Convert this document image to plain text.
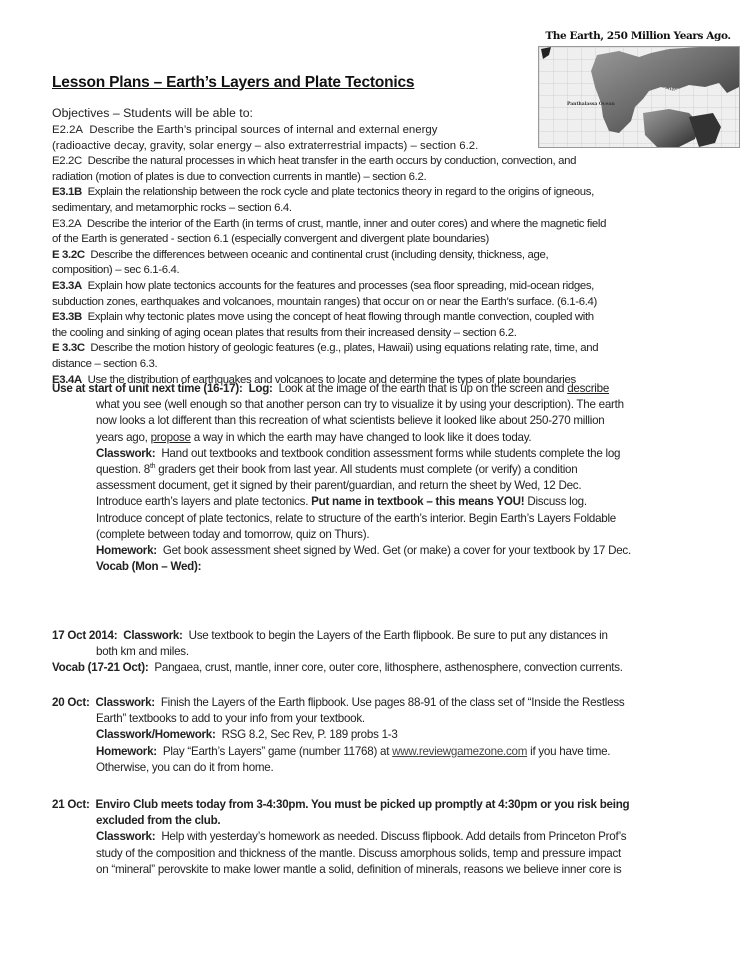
The Earth, 250 Million Years Ago.
Panthalassa Ocean
Tethys Sea
Lesson Plans – Earth’s Layers and Plate Tectonics
Objectives – Students will be able to:
E2.2A Describe the Earth’s principal sources of internal and external energy
(radioactive decay, gravity, solar energy – also extraterrestrial impacts) – section 6.2.
E2.2C Describe the natural processes in which heat transfer in the earth occurs by conduction, convection, and
radiation (motion of plates is due to convection currents in mantle) – section 6.2.
E3.1B Explain the relationship between the rock cycle and plate tectonics theory in regard to the origins of igneous,
sedimentary, and metamorphic rocks – section 6.4.
E3.2A Describe the interior of the Earth (in terms of crust, mantle, inner and outer cores) and where the magnetic field
of the Earth is generated - section 6.1 (especially convergent and divergent plate boundaries)
E 3.2C Describe the differences between oceanic and continental crust (including density, thickness, age,
composition) – sec 6.1-6.4.
E3.3A Explain how plate tectonics accounts for the features and processes (sea floor spreading, mid-ocean ridges,
subduction zones, earthquakes and volcanoes, mountain ranges) that occur on or near the Earth’s surface. (6.1-6.4)
E3.3B Explain why tectonic plates move using the concept of heat flowing through mantle convection, coupled with
the cooling and sinking of aging ocean plates that results from their increased density – section 6.2.
E 3.3C Describe the motion history of geologic features (e.g., plates, Hawaii) using equations relating rate, time, and
distance – section 6.3.
E3.4A Use the distribution of earthquakes and volcanoes to locate and determine the types of plate boundaries
Use at start of unit next time (16-17): Log: Look at the image of the earth that is up on the screen and describe
what you see (well enough so that another person can try to visualize it by using your description). The earth
now looks a lot different than this recreation of what scientists believe it looked like about 250-270 million
years ago, propose a way in which the earth may have changed to look like it does today.
Classwork: Hand out textbooks and textbook condition assessment forms while students complete the log
question. 8th graders get their book from last year. All students must complete (or verify) a condition
assessment document, get it signed by their parent/guardian, and return the sheet by Wed, 12 Dec.
Introduce earth’s layers and plate tectonics. Put name in textbook – this means YOU! Discuss log.
Introduce concept of plate tectonics, relate to structure of the earth’s interior. Begin Earth’s Layers Foldable
(complete between today and tomorrow, quiz on Thurs).
Homework: Get book assessment sheet signed by Wed. Get (or make) a cover for your textbook by 17 Dec.
Vocab (Mon – Wed):
17 Oct 2014: Classwork: Use textbook to begin the Layers of the Earth flipbook. Be sure to put any distances in
both km and miles.
Vocab (17-21 Oct): Pangaea, crust, mantle, inner core, outer core, lithosphere, asthenosphere, convection currents.
20 Oct: Classwork: Finish the Layers of the Earth flipbook. Use pages 88-91 of the class set of “Inside the Restless
Earth” textbooks to add to your info from your textbook.
Classwork/Homework: RSG 8.2, Sec Rev, P. 189 probs 1-3
Homework: Play “Earth’s Layers” game (number 11768) at www.reviewgamezone.com if you have time.
Otherwise, you can do it from home.
21 Oct: Enviro Club meets today from 3-4:30pm. You must be picked up promptly at 4:30pm or you risk being
excluded from the club.
Classwork: Help with yesterday’s homework as needed. Discuss flipbook. Add details from Princeton Prof’s
study of the composition and thickness of the mantle. Discuss amorphous solids, temp and pressure impact
on “mineral” perovskite to make lower mantle a solid, definition of minerals, reasons we believe inner core is
